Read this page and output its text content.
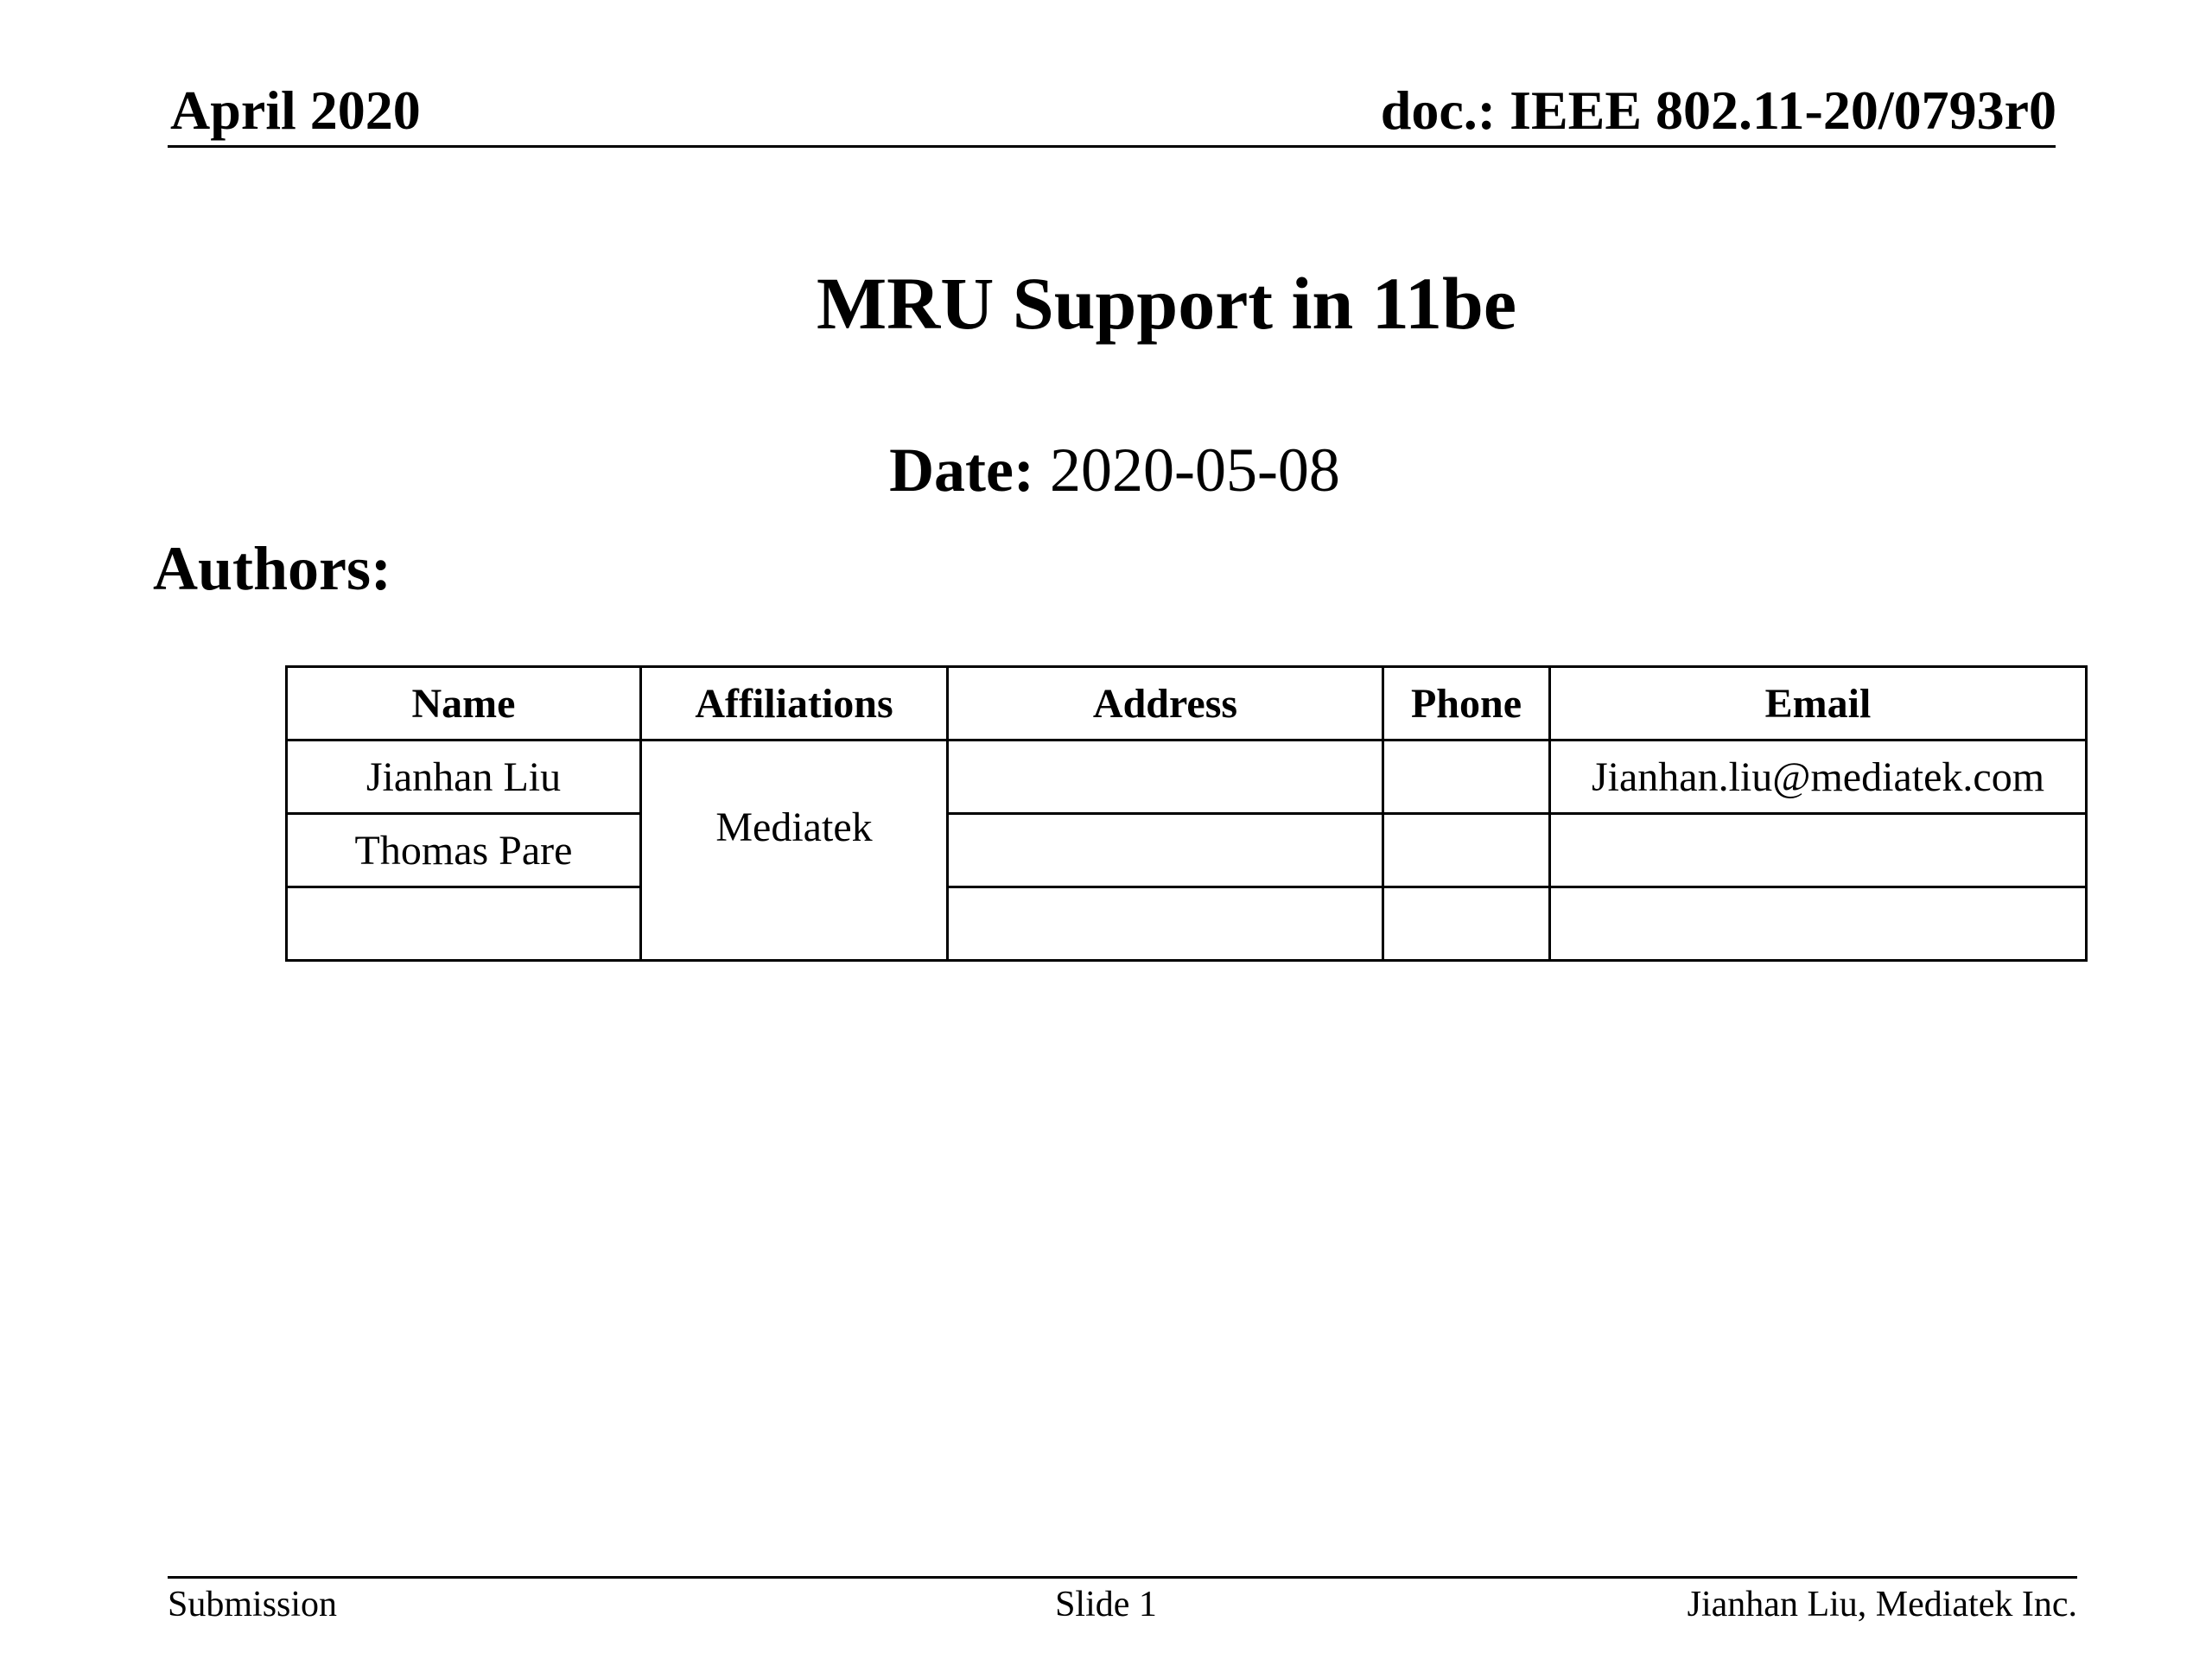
April 2020	doc.: IEEE 802.11-20/0793r0
MRU Support in 11be
Date: 2020-05-08
Authors:
Name	Affiliations	Address	Phone	Email
Jianhan Liu	Mediatek			Jianhan.liu@mediatek.com
Thomas Pare				

Submission	Slide 1	Jianhan Liu, Mediatek Inc.
